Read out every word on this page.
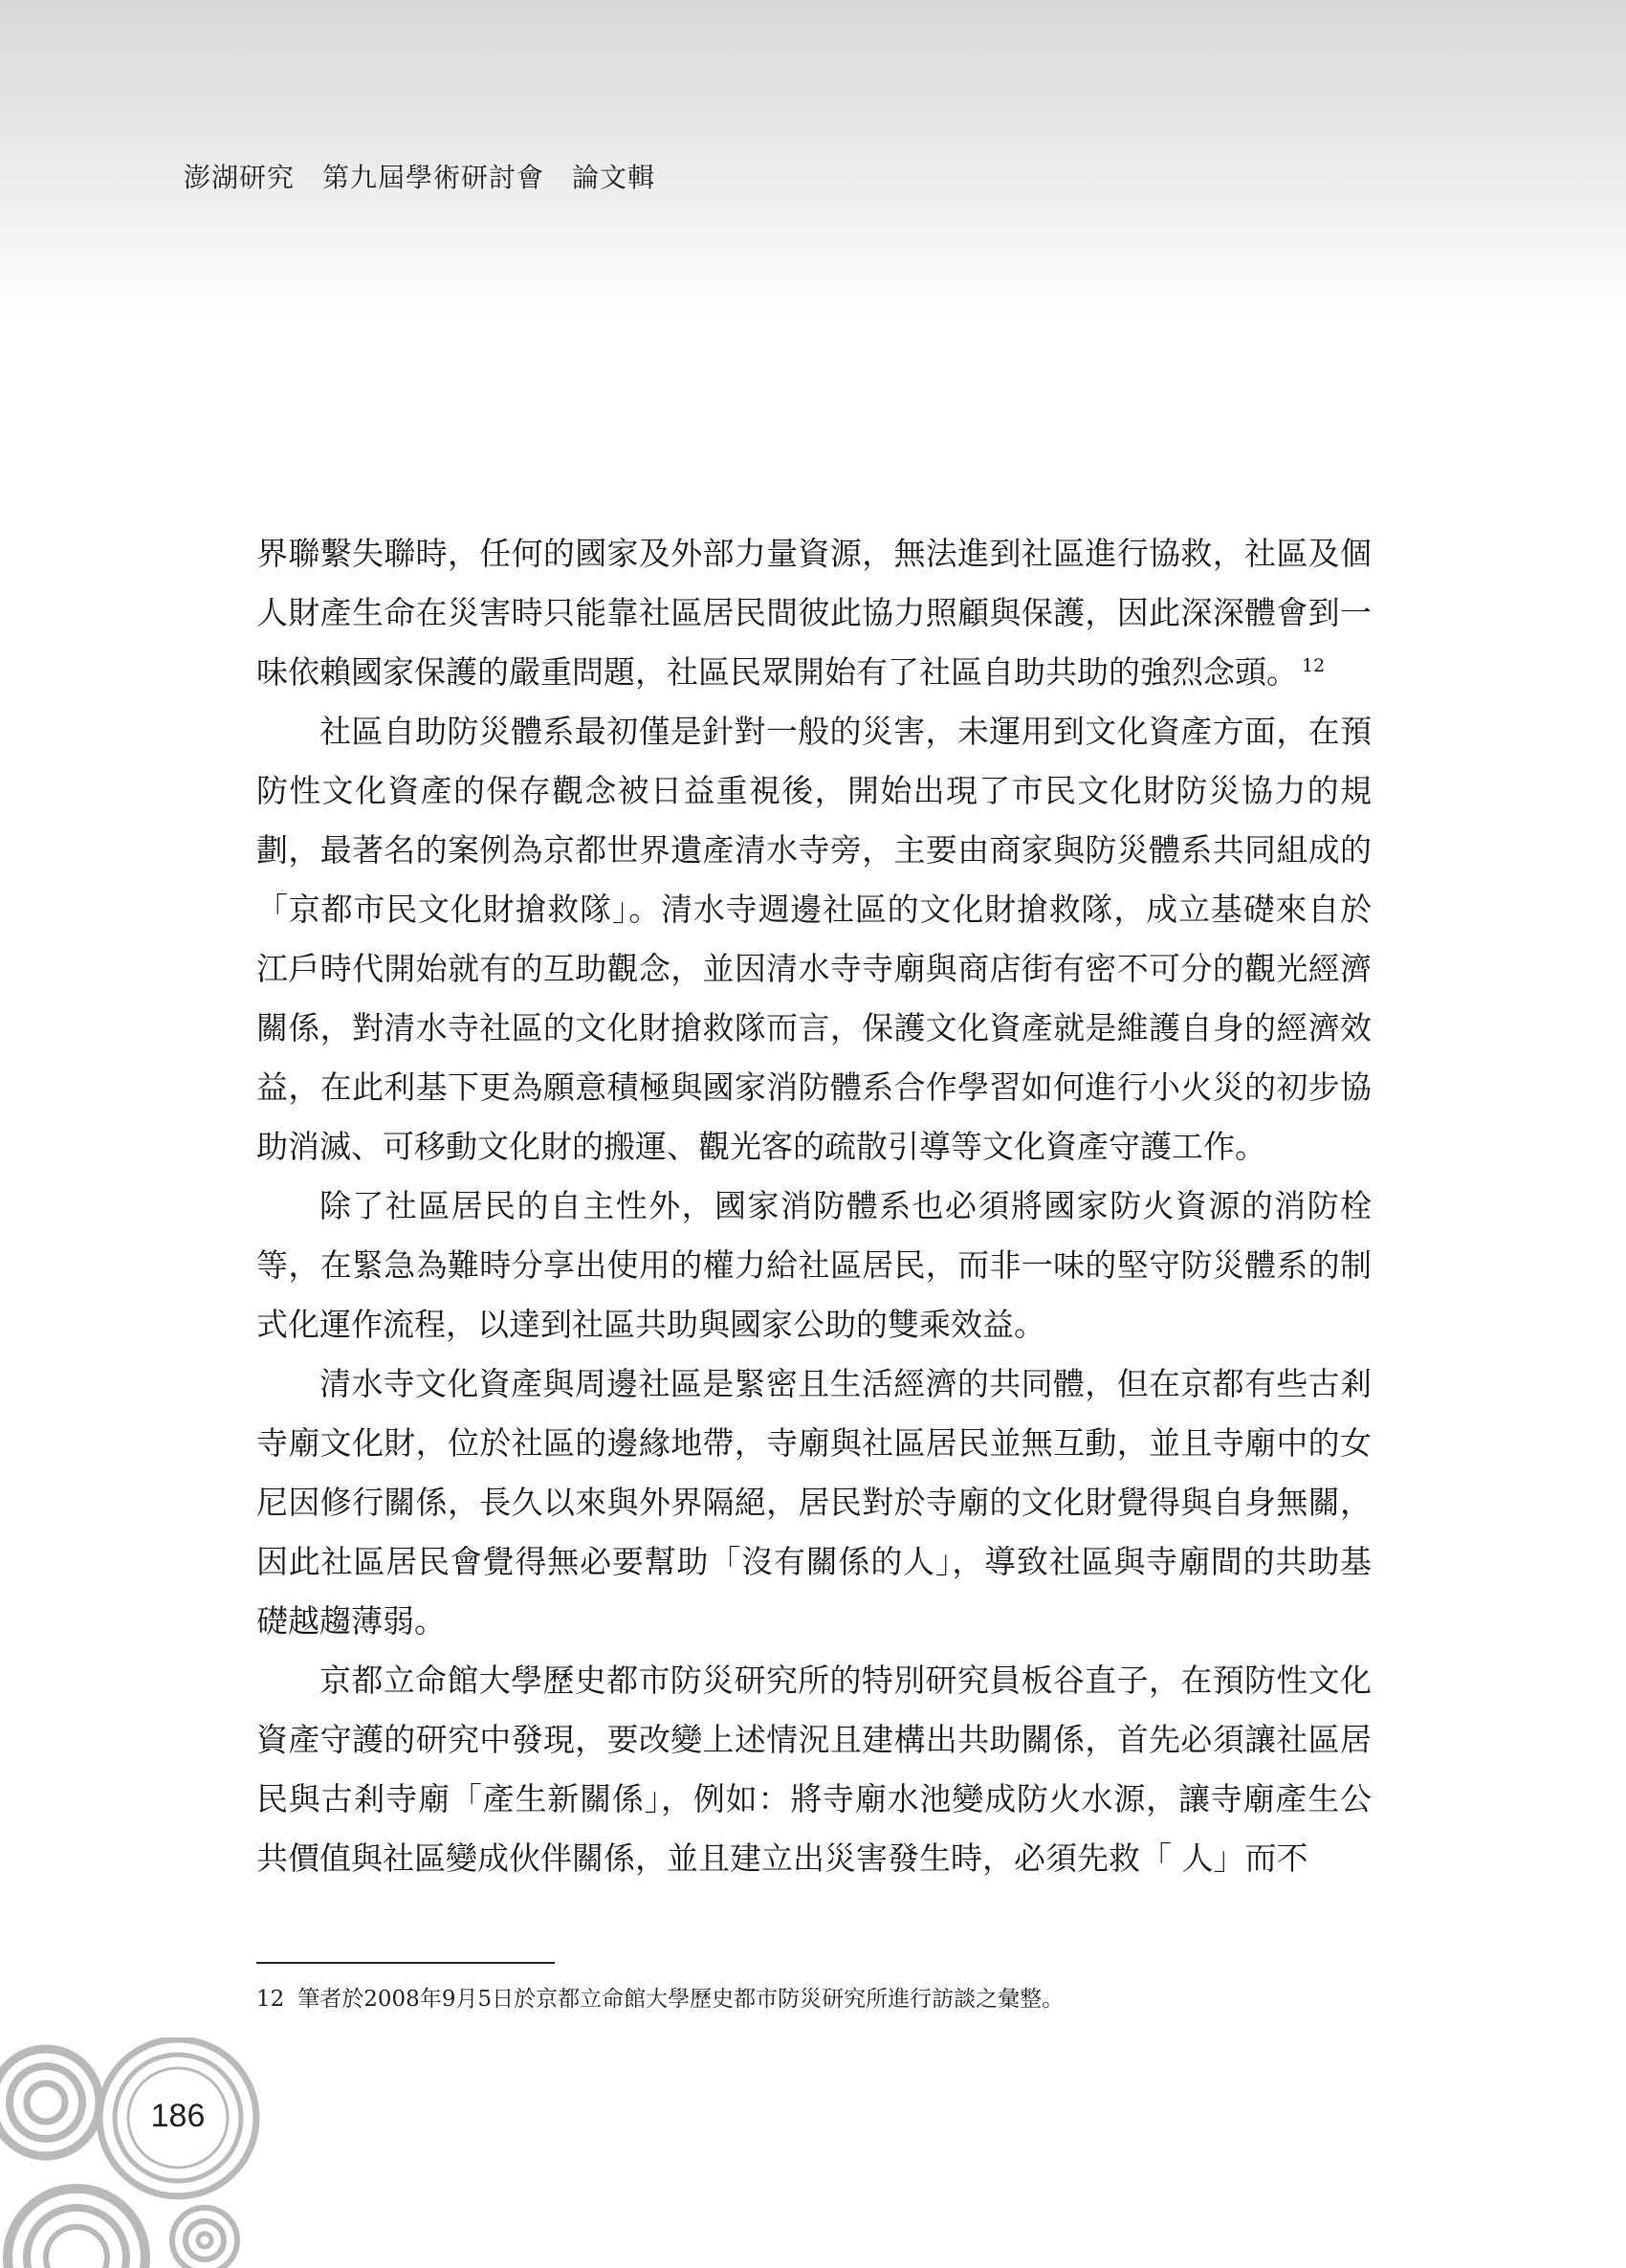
澎湖研究　第九屆學術研討會　論文輯

界聯繫失聯時，任何的國家及外部力量資源，無法進到社區進行協救，社區及個人財產生命在災害時只能靠社區居民間彼此協力照顧與保護，因此深深體會到一味依賴國家保護的嚴重問題，社區民眾開始有了社區自助共助的強烈念頭。 $^{12}$

社區自助防災體系最初僅是針對一般的災害，未運用到文化資產方面，在預防性文化資產的保存觀念被日益重視後，開始出現了市民文化財防災協力的規劃，最著名的案例為京都世界遺產清水寺旁，主要由商家與防災體系共同組成的「京都市民文化財搶救隊」。清水寺週邊社區的文化財搶救隊，成立基礎來自於江戶時代開始就有的互助觀念，並因清水寺寺廟與商店街有密不可分的觀光經濟關係，對清水寺社區的文化財搶救隊而言，保護文化資產就是維護自身的經濟效益，在此利基下更為願意積極與國家消防體系合作學習如何進行小火災的初步協助消滅、可移動文化財的搬運、觀光客的疏散引導等文化資產守護工作。

除了社區居民的自主性外，國家消防體系也必須將國家防火資源的消防栓等，在緊急為難時分享出使用的權力給社區居民，而非一味的堅守防災體系的制式化運作流程，以達到社區共助與國家公助的雙乘效益。

清水寺文化資產與周邊社區是緊密且生活經濟的共同體，但在京都有些古剎寺廟文化財，位於社區的邊緣地帶，寺廟與社區居民並無互動，並且寺廟中的女尼因修行關係，長久以來與外界隔絕，居民對於寺廟的文化財覺得與自身無關，因此社區居民會覺得無必要幫助「沒有關係的人」，導致社區與寺廟間的共助基礎越趨薄弱。

京都立命館大學歷史都市防災研究所的特別研究員板谷直子，在預防性文化資產守護的研究中發現，要改變上述情況且建構出共助關係，首先必須讓社區居民與古剎寺廟「產生新關係」，例如：將寺廟水池變成防火水源，讓寺廟產生公共價值與社區變成伙伴關係，並且建立出災害發生時，必須先救「 人」而不

12 筆者於2008年9月5日於京都立命館大學歷史都市防災研究所進行訪談之彙整。
186
